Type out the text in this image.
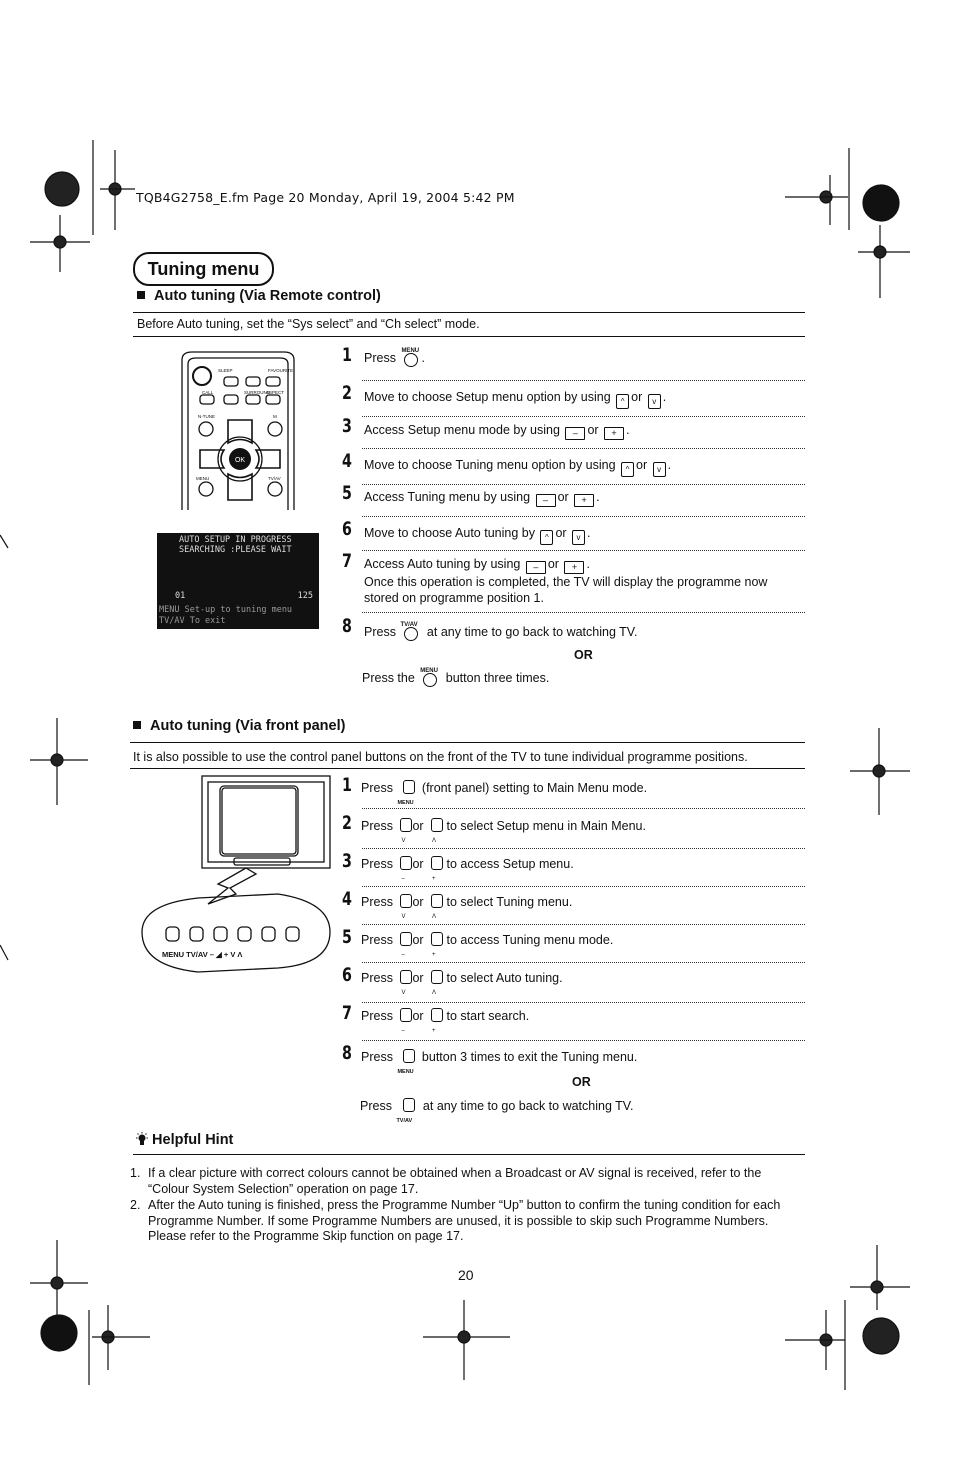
TQB4G2758_E.fm Page 20 Monday, April 19, 2004 5:42 PM
Tuning menu
Auto tuning (Via Remote control)
Before Auto tuning, set the “Sys select” and “Ch select” mode.
OK
SLEEP	FAVOURITE
CALL	SURROUND
ASPECT
N-TUNE	M
MENU	TV/AV
AUTO SETUP IN PROGRESS
SEARCHING :PLEASE WAIT
01	125
MENU Set-up to tuning menu
TV/AV To exit
1 Press MENU .
2 Move to choose Setup menu option by using ^ or v .
3 Access Setup menu mode by using – or + .
4 Move to choose Tuning menu option by using ^ or v .
5 Access Tuning menu by using – or + .
6 Move to choose Auto tuning by ^ or v .
7 Access Auto tuning by using – or + .
Once this operation is completed, the TV will display the programme now stored on programme position 1.
8 Press TV/AV at any time to go back to watching TV.
OR
Press the MENU button three times.
Auto tuning (Via front panel)
It is also possible to use the control panel buttons on the front of the TV to tune individual programme positions.
MENU TV/AV – ◢ + V Λ
1 Press
MENU
(front panel) setting to Main Menu mode.
2 Press
V
or
Λ
to select Setup menu in Main Menu.
3 Press
–
or
+
to access Setup menu.
4 Press
V
or
Λ
to select Tuning menu.
5 Press
–
or
+
to access Tuning menu mode.
6 Press
V
or
Λ
to select Auto tuning.
7 Press
–
or
+
to start search.
8 Press
MENU
button 3 times to exit the Tuning menu.
OR
Press
TV/AV
at any time to go back to watching TV.
Helpful Hint
1. If a clear picture with correct colours cannot be obtained when a Broadcast or AV signal is received, refer to the “Colour System Selection” operation on page 17.
2. After the Auto tuning is finished, press the Programme Number “Up” button to confirm the tuning condition for each Programme Number. If some Programme Numbers are unused, it is possible to skip such Programme Numbers. Please refer to the Programme Skip function on page 17.
20
